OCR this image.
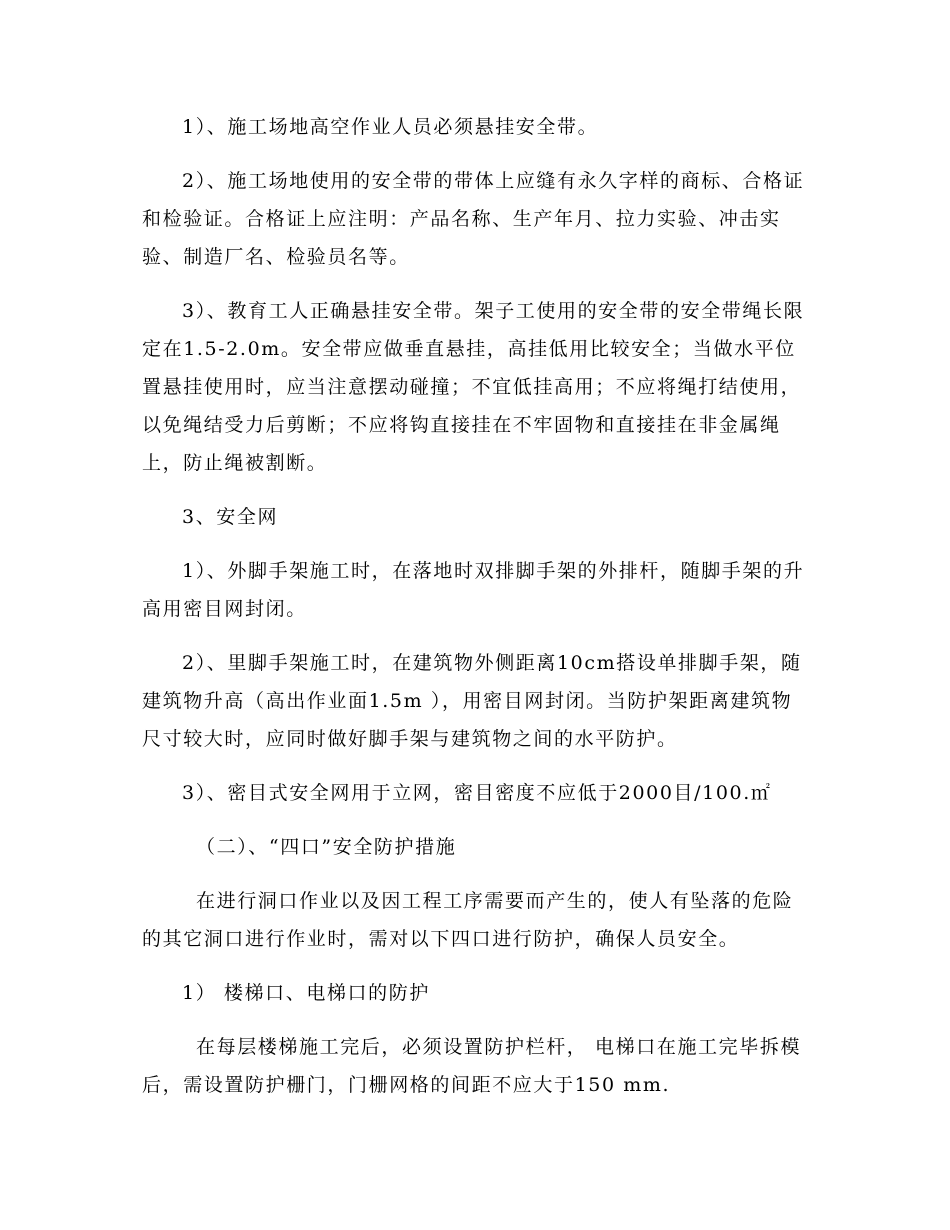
1）、施工场地高空作业人员必须悬挂安全带。

2）、施工场地使用的安全带的带体上应缝有永久字样的商标、合格证和检验证。合格证上应注明：产品名称、生产年月、拉力实验、冲击实验、制造厂名、检验员名等。

3）、教育工人正确悬挂安全带。架子工使用的安全带的安全带绳长限定在1.5-2.0m。安全带应做垂直悬挂，高挂低用比较安全；当做水平位置悬挂使用时，应当注意摆动碰撞；不宜低挂高用；不应将绳打结使用，以免绳结受力后剪断；不应将钩直接挂在不牢固物和直接挂在非金属绳上，防止绳被割断。

3、安全网

1）、外脚手架施工时，在落地时双排脚手架的外排杆，随脚手架的升高用密目网封闭。

2）、里脚手架施工时，在建筑物外侧距离10cm搭设单排脚手架，随建筑物升高（高出作业面1.5m ），用密目网封闭。当防护架距离建筑物尺寸较大时，应同时做好脚手架与建筑物之间的水平防护。

3）、密目式安全网用于立网，密目密度不应低于2000目/100.㎡

（二）、“四口”安全防护措施

在进行洞口作业以及因工程工序需要而产生的，使人有坠落的危险的其它洞口进行作业时，需对以下四口进行防护，确保人员安全。

1） 楼梯口、电梯口的防护

在每层楼梯施工完后，必须设置防护栏杆， 电梯口在施工完毕拆模后，需设置防护栅门，门栅网格的间距不应大于150 mm.
